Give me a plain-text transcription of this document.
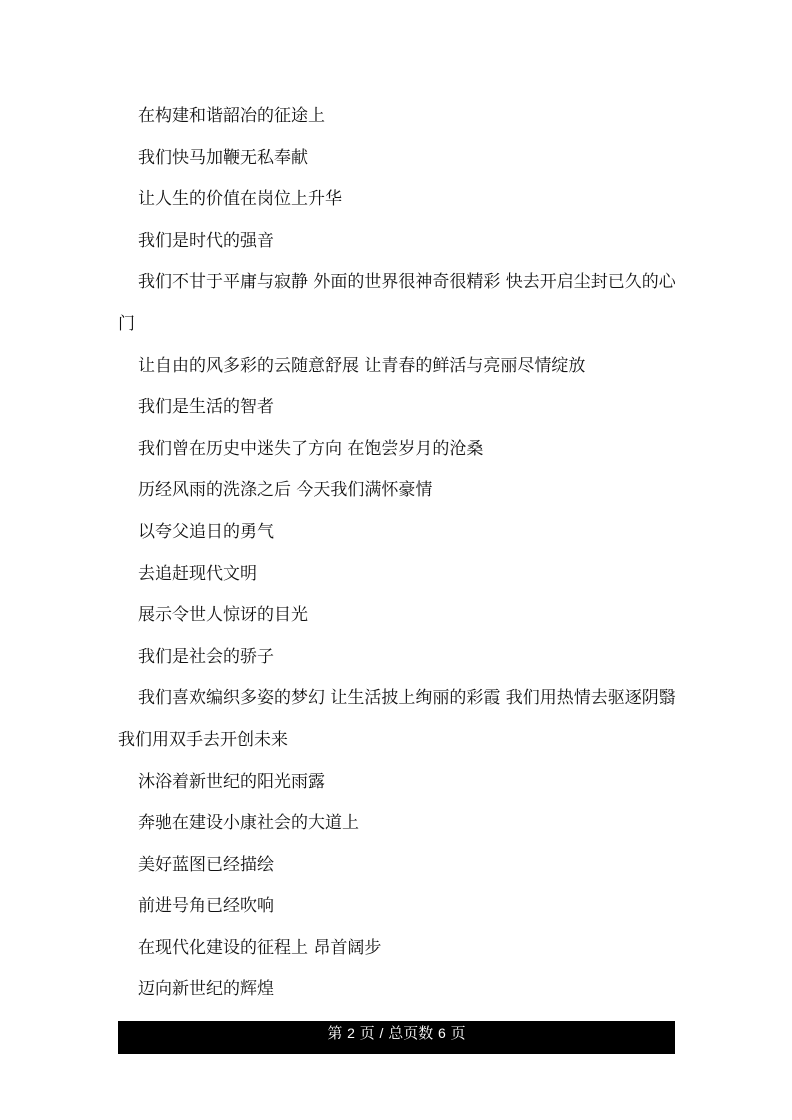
在构建和谐韶冶的征途上

我们快马加鞭无私奉献

让人生的价值在岗位上升华

我们是时代的强音

我们不甘于平庸与寂静 外面的世界很神奇很精彩 快去开启尘封已久的心门

让自由的风多彩的云随意舒展 让青春的鲜活与亮丽尽情绽放

我们是生活的智者

我们曾在历史中迷失了方向 在饱尝岁月的沧桑

历经风雨的洗涤之后 今天我们满怀豪情

以夸父追日的勇气

去追赶现代文明

展示令世人惊讶的目光

我们是社会的骄子

我们喜欢编织多姿的梦幻 让生活披上绚丽的彩霞 我们用热情去驱逐阴翳 我们用双手去开创未来

沐浴着新世纪的阳光雨露

奔驰在建设小康社会的大道上

美好蓝图已经描绘

前进号角已经吹响

在现代化建设的征程上 昂首阔步

迈向新世纪的辉煌

第 2 页 / 总页数 6 页
